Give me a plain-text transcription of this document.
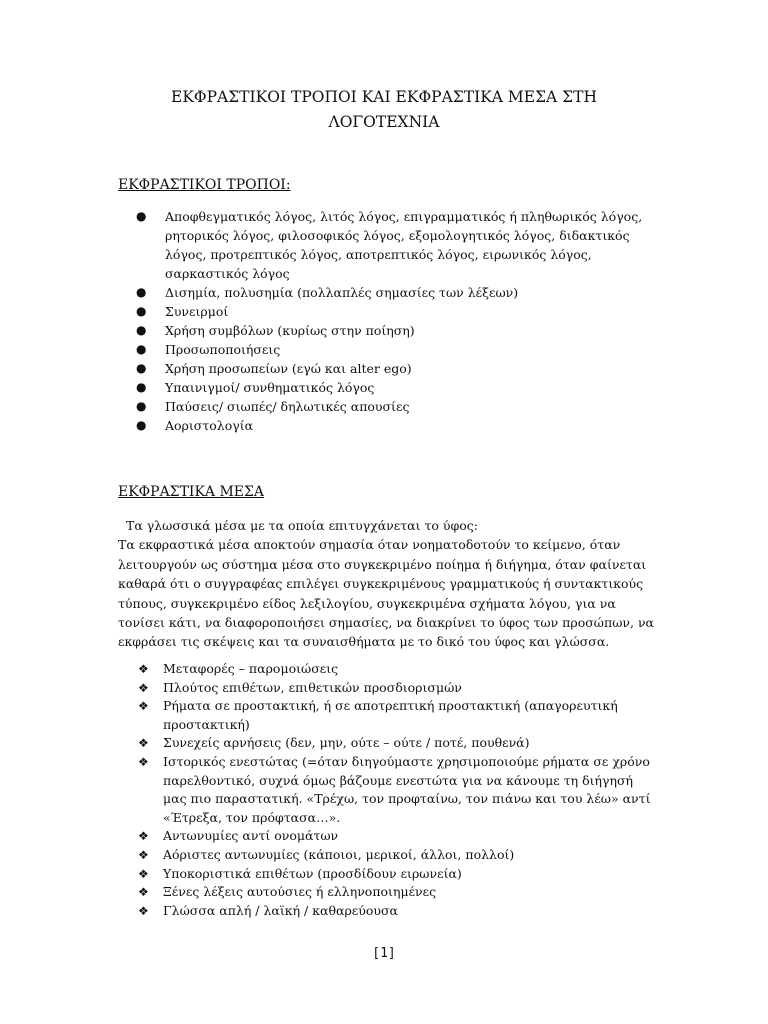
ΕΚΦΡΑΣΤΙΚΟΙ ΤΡΟΠΟΙ ΚΑΙ ΕΚΦΡΑΣΤΙΚΑ ΜΕΣΑ ΣΤΗ
ΛΟΓΟΤΕΧΝΙΑ
ΕΚΦΡΑΣΤΙΚΟΙ ΤΡΟΠΟΙ:
● Αποφθεγματικός λόγος, λιτός λόγος, επιγραμματικός ή πληθωρικός λόγος, ρητορικός λόγος, φιλοσοφικός λόγος, εξομολογητικός λόγος, διδακτικός λόγος, προτρεπτικός λόγος, αποτρεπτικός λόγος, ειρωνικός λόγος, σαρκαστικός λόγος
● Δισημία, πολυσημία (πολλαπλές σημασίες των λέξεων)
● Συνειρμοί
● Χρήση συμβόλων (κυρίως στην ποίηση)
● Προσωποποιήσεις
● Χρήση προσωπείων (εγώ και alter ego)
● Υπαινιγμοί/ συνθηματικός λόγος
● Παύσεις/ σιωπές/ δηλωτικές απουσίες
● Αοριστολογία
ΕΚΦΡΑΣΤΙΚΑ ΜΕΣΑ

Τα γλωσσικά μέσα με τα οποία επιτυγχάνεται το ύφος:
Τα εκφραστικά μέσα αποκτούν σημασία όταν νοηματοδοτούν το κείμενο, όταν λειτουργούν ως σύστημα μέσα στο συγκεκριμένο ποίημα ή διήγημα, όταν φαίνεται καθαρά ότι ο συγγραφέας επιλέγει συγκεκριμένους γραμματικούς ή συντακτικούς τύπους, συγκεκριμένο είδος λεξιλογίου, συγκεκριμένα σχήματα λόγου, για να τονίσει κάτι, να διαφοροποιήσει σημασίες, να διακρίνει το ύφος των προσώπων, να εκφράσει τις σκέψεις και τα συναισθήματα με το δικό του ύφος και γλώσσα.

❖ Μεταφορές – παρομοιώσεις
❖ Πλούτος επιθέτων, επιθετικών προσδιορισμών
❖ Ρήματα σε προστακτική, ή σε αποτρεπτική προστακτική (απαγορευτική προστακτική)
❖ Συνεχείς αρνήσεις (δεν, μην, ούτε – ούτε / ποτέ, πουθενά)
❖ Ιστορικός ενεστώτας (=όταν διηγούμαστε χρησιμοποιούμε ρήματα σε χρόνο παρελθοντικό, συχνά όμως βάζουμε ενεστώτα για να κάνουμε τη διήγησή μας πιο παραστατική. «Τρέχω, τον προφταίνω, τον πιάνω και του λέω» αντί «Έτρεξα, τον πρόφτασα…».
❖ Αντωνυμίες αντί ονομάτων
❖ Αόριστες αντωνυμίες (κάποιοι, μερικοί, άλλοι, πολλοί)
❖ Υποκοριστικά επιθέτων (προσδίδουν ειρωνεία)
❖ Ξένες λέξεις αυτούσιες ή ελληνοποιημένες
❖ Γλώσσα απλή / λαϊκή / καθαρεύουσα
[1]
